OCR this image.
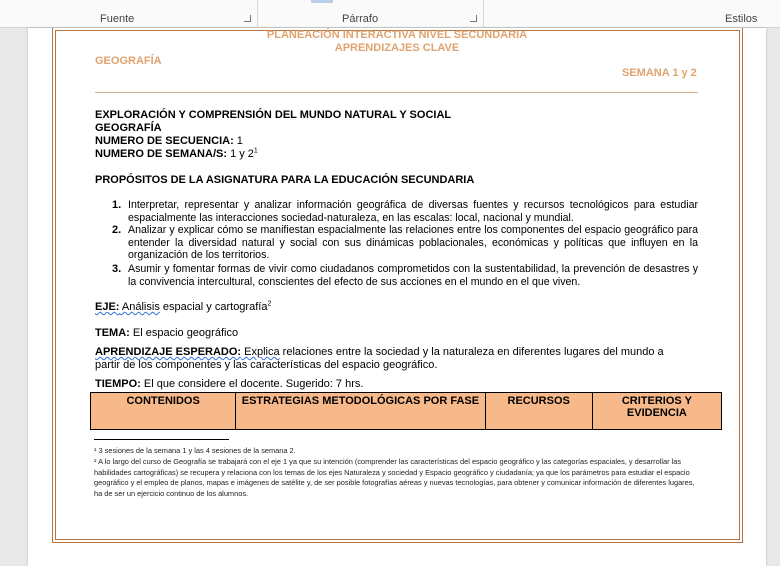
Fuente	Párrafo	Estilos
PLANEACIÓN INTERACTIVA NIVEL SECUNDARIA
APRENDIZAJES CLAVE
GEOGRAFÍA
SEMANA 1 y 2
EXPLORACIÓN Y COMPRENSIÓN DEL MUNDO NATURAL Y SOCIAL
GEOGRAFÍA
NUMERO DE SECUENCIA: 1
NUMERO DE SEMANA/S: 1 y $2^1$
PROPÓSITOS DE LA ASIGNATURA PARA LA EDUCACIÓN SECUNDARIA
1. Interpretar, representar y analizar información geográfica de diversas fuentes y recursos tecnológicos para estudiar espacialmente las interacciones sociedad-naturaleza, en las escalas: local, nacional y mundial.
2. Analizar y explicar cómo se manifiestan espacialmente las relaciones entre los componentes del espacio geográfico para entender la diversidad natural y social con sus dinámicas poblacionales, económicas y políticas que influyen en la organización de los territorios.
3. Asumir y fomentar formas de vivir como ciudadanos comprometidos con la sustentabilidad, la prevención de desastres y la convivencia intercultural, conscientes del efecto de sus acciones en el mundo en el que viven.
EJE: Análisis espacial y cartografía$^2$
TEMA: El espacio geográfico
APRENDIZAJE ESPERADO: Explica relaciones entre la sociedad y la naturaleza en diferentes lugares del mundo a
partir de los componentes y las características del espacio geográfico.
TIEMPO: El que considere el docente. Sugerido: 7 hrs.
CONTENIDOS	ESTRATEGIAS METODOLÓGICAS POR FASE	RECURSOS	CRITERIOS Y EVIDENCIA
¹ 3 sesiones de la semana 1 y las 4 sesiones de la semana 2.
² A lo largo del curso de Geografía se trabajará con el eje 1 ya que su intención (comprender las características del espacio geográfico y las categorías espaciales, y desarrollar las habilidades cartográficas) se recupera y relaciona con los temas de los ejes Naturaleza y sociedad y Espacio geográfico y ciudadanía; ya que los parámetros para estudiar el espacio geográfico y el empleo de planos, mapas e imágenes de satélite y, de ser posible fotografías aéreas y nuevas tecnologías, para obtener y comunicar información de diferentes lugares, ha de ser un ejercicio continuo de los alumnos.
